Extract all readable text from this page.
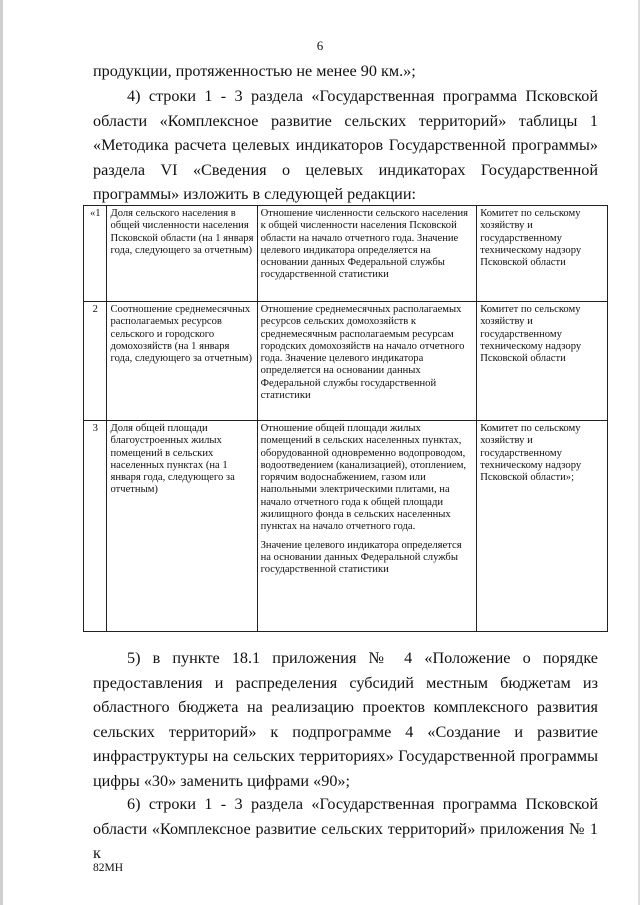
6

продукции, протяженностью не менее 90 км.»;

4) строки 1 - 3 раздела «Государственная программа Псковской области «Комплексное развитие сельских территорий» таблицы 1 «Методика расчета целевых индикаторов Государственной программы» раздела VI «Сведения о целевых индикаторах Государственной программы» изложить в следующей редакции:

«1	Доля сельского населения в общей численности населения Псковской области (на 1 января года, следующего за отчетным)	Отношение численности сельского населения к общей численности населения Псковской области на начало отчетного года. Значение целевого индикатора определяется на основании данных Федеральной службы государственной статистики	Комитет по сельскому хозяйству и государственному техническому надзору Псковской области
2	Соотношение среднемесячных располагаемых ресурсов сельского и городского домохозяйств (на 1 января года, следующего за отчетным)	Отношение среднемесячных располагаемых ресурсов сельских домохозяйств к среднемесячным располагаемым ресурсам городских домохозяйств на начало отчетного года. Значение целевого индикатора определяется на основании данных Федеральной службы государственной статистики	Комитет по сельскому хозяйству и государственному техническому надзору Псковской области
3	Доля общей площади благоустроенных жилых помещений в сельских населенных пунктах (на 1 января года, следующего за отчетным)	Отношение общей площади жилых помещений в сельских населенных пунктах, оборудованной одновременно водопроводом, водоотведением (канализацией), отоплением, горячим водоснабжением, газом или напольными электрическими плитами, на начало отчетного года к общей площади жилищного фонда в сельских населенных пунктах на начало отчетного года.
Значение целевого индикатора определяется на основании данных Федеральной службы государственной статистики	Комитет по сельскому хозяйству и государственному техническому надзору Псковской области»;

5) в пункте 18.1 приложения № 4 «Положение о порядке предоставления и распределения субсидий местным бюджетам из областного бюджета на реализацию проектов комплексного развития сельских территорий» к подпрограмме 4 «Создание и развитие инфраструктуры на сельских территориях» Государственной программы цифры «30» заменить цифрами «90»;

6) строки 1 - 3 раздела «Государственная программа Псковской области «Комплексное развитие сельских территорий» приложения № 1 к

82МН
